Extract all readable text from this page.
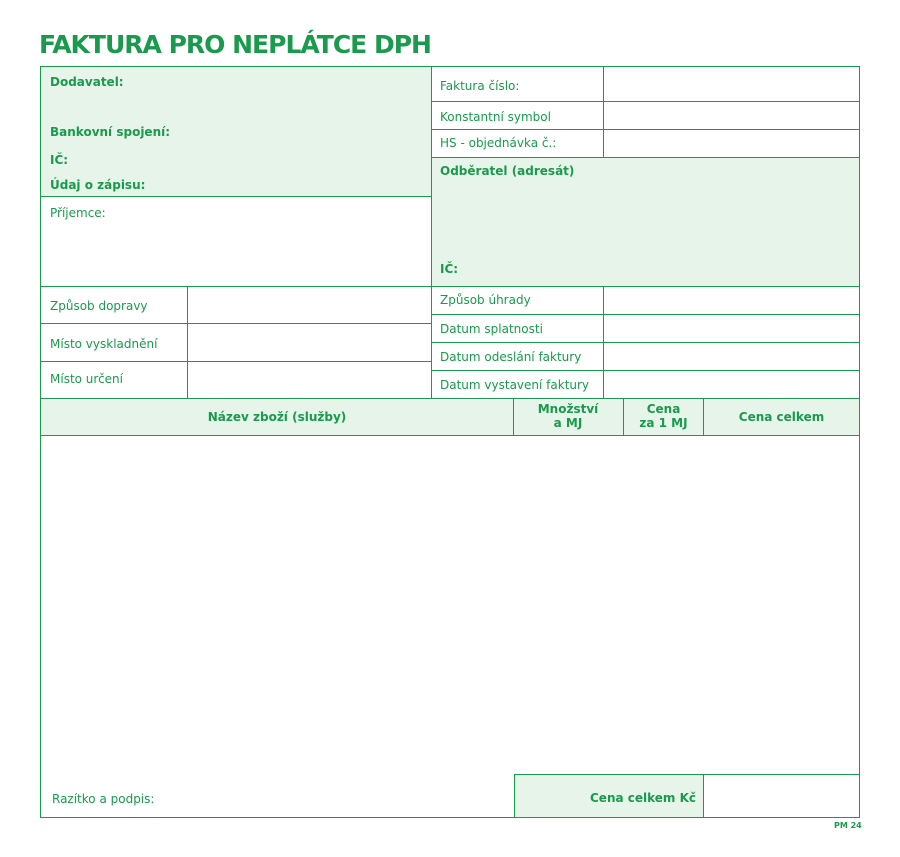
FAKTURA PRO NEPLÁTCE DPH
Dodavatel:
Bankovní spojení:
IČ:
Údaj o zápisu:
Příjemce:
Faktura číslo:
Konstantní symbol
HS - objednávka č.:
Odběratel (adresát)
IČ:
Způsob dopravy
Místo vyskladnění
Místo určení
Způsob úhrady
Datum splatnosti
Datum odeslání faktury
Datum vystavení faktury
Název zboží (služby)
Množství
a MJ
Cena
za 1 MJ	Cena celkem
Razítko a podpis:	Cena celkem Kč
PM 24
